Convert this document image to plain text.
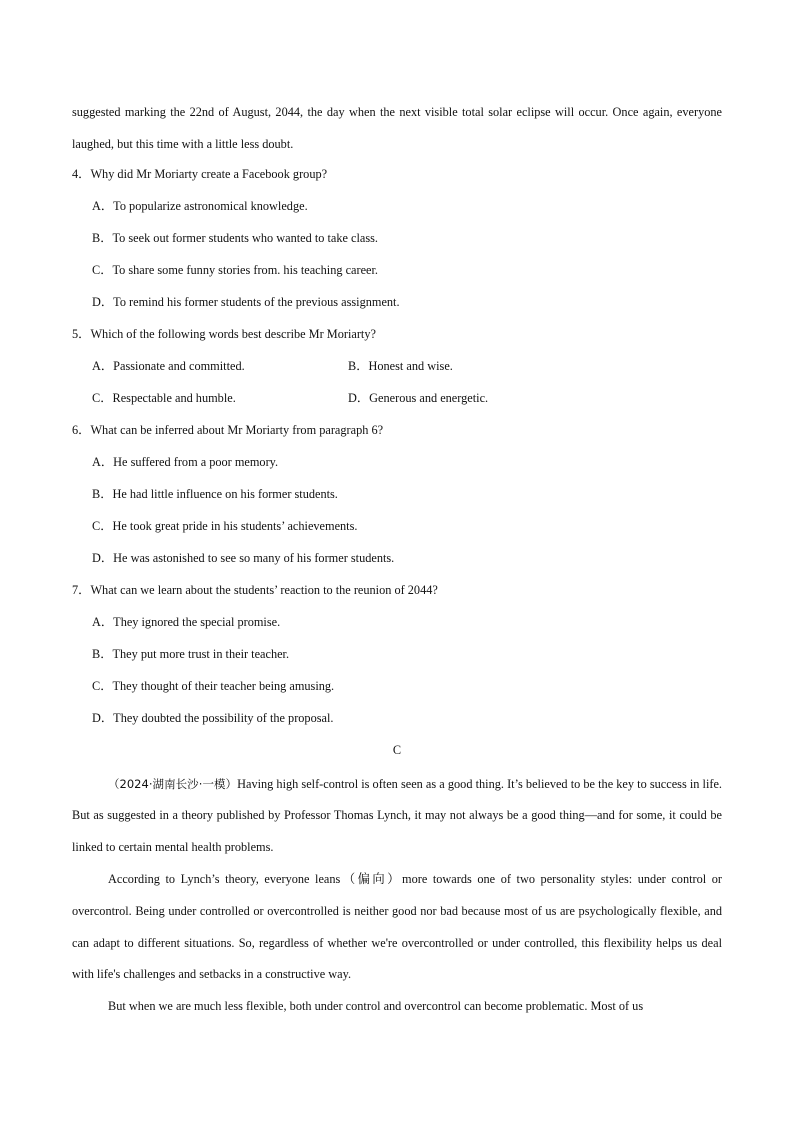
suggested marking the 22nd of August, 2044, the day when the next visible total solar eclipse will occur. Once again, everyone laughed, but this time with a little less doubt.
4．Why did Mr Moriarty create a Facebook group?
A．To popularize astronomical knowledge.
B．To seek out former students who wanted to take class.
C．To share some funny stories from. his teaching career.
D．To remind his former students of the previous assignment.
5．Which of the following words best describe Mr Moriarty?
A．Passionate and committed.	B．Honest and wise.
C．Respectable and humble.	D．Generous and energetic.
6．What can be inferred about Mr Moriarty from paragraph 6?
A．He suffered from a poor memory.
B．He had little influence on his former students.
C．He took great pride in his students’ achievements.
D．He was astonished to see so many of his former students.
7．What can we learn about the students’ reaction to the reunion of 2044?
A．They ignored the special promise.
B．They put more trust in their teacher.
C．They thought of their teacher being amusing.
D．They doubted the possibility of the proposal.
C
（2024·湖南长沙·一模）Having high self-control is often seen as a good thing. It’s believed to be the key to success in life. But as suggested in a theory published by Professor Thomas Lynch, it may not always be a good thing—and for some, it could be linked to certain mental health problems.
According to Lynch’s theory, everyone leans（偏向）more towards one of two personality styles: under control or overcontrol. Being under controlled or overcontrolled is neither good nor bad because most of us are psychologically flexible, and can adapt to different situations. So, regardless of whether we're overcontrolled or under controlled, this flexibility helps us deal with life's challenges and setbacks in a constructive way.
But when we are much less flexible, both under control and overcontrol can become problematic. Most of us
